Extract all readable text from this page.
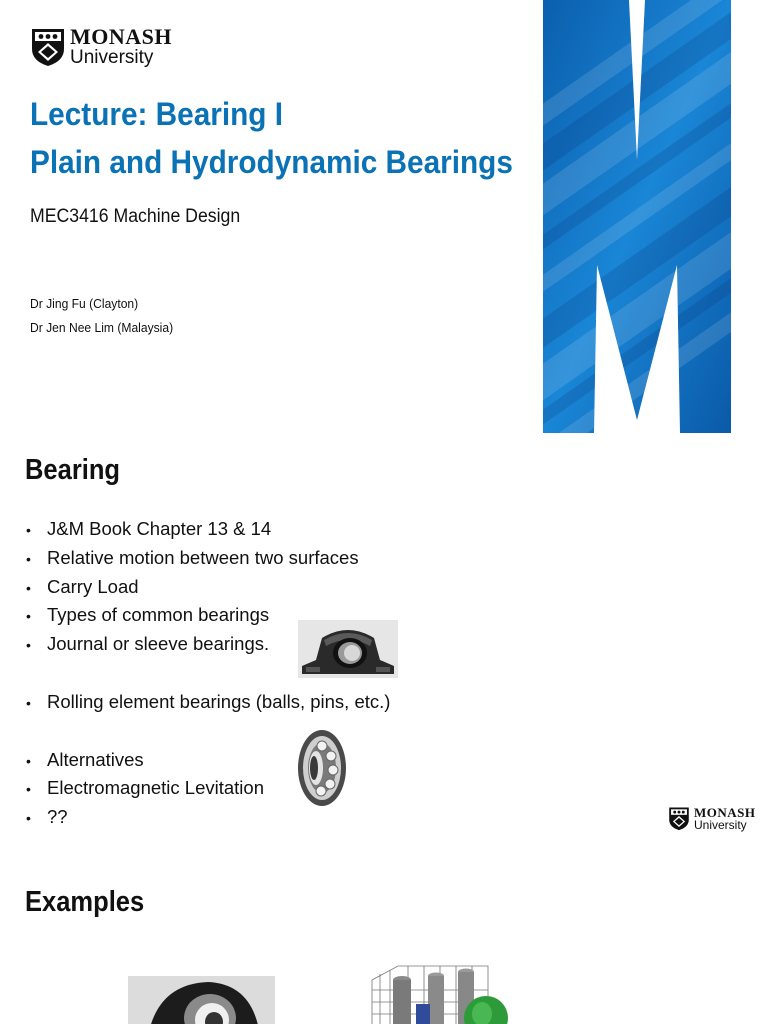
MONASH
University
Lecture: Bearing I
Plain and Hydrodynamic Bearings

MEC3416 Machine Design

Dr Jing Fu (Clayton)

Dr Jen Nee Lim (Malaysia)

Bearing
• J&M Book Chapter 13 & 14
• Relative motion between two surfaces
• Carry Load
• Types of common bearings
• Journal or sleeve bearings.
• Rolling element bearings (balls, pins, etc.)
• Alternatives
• Electromagnetic Levitation
• ??	MONASH
University
Examples
